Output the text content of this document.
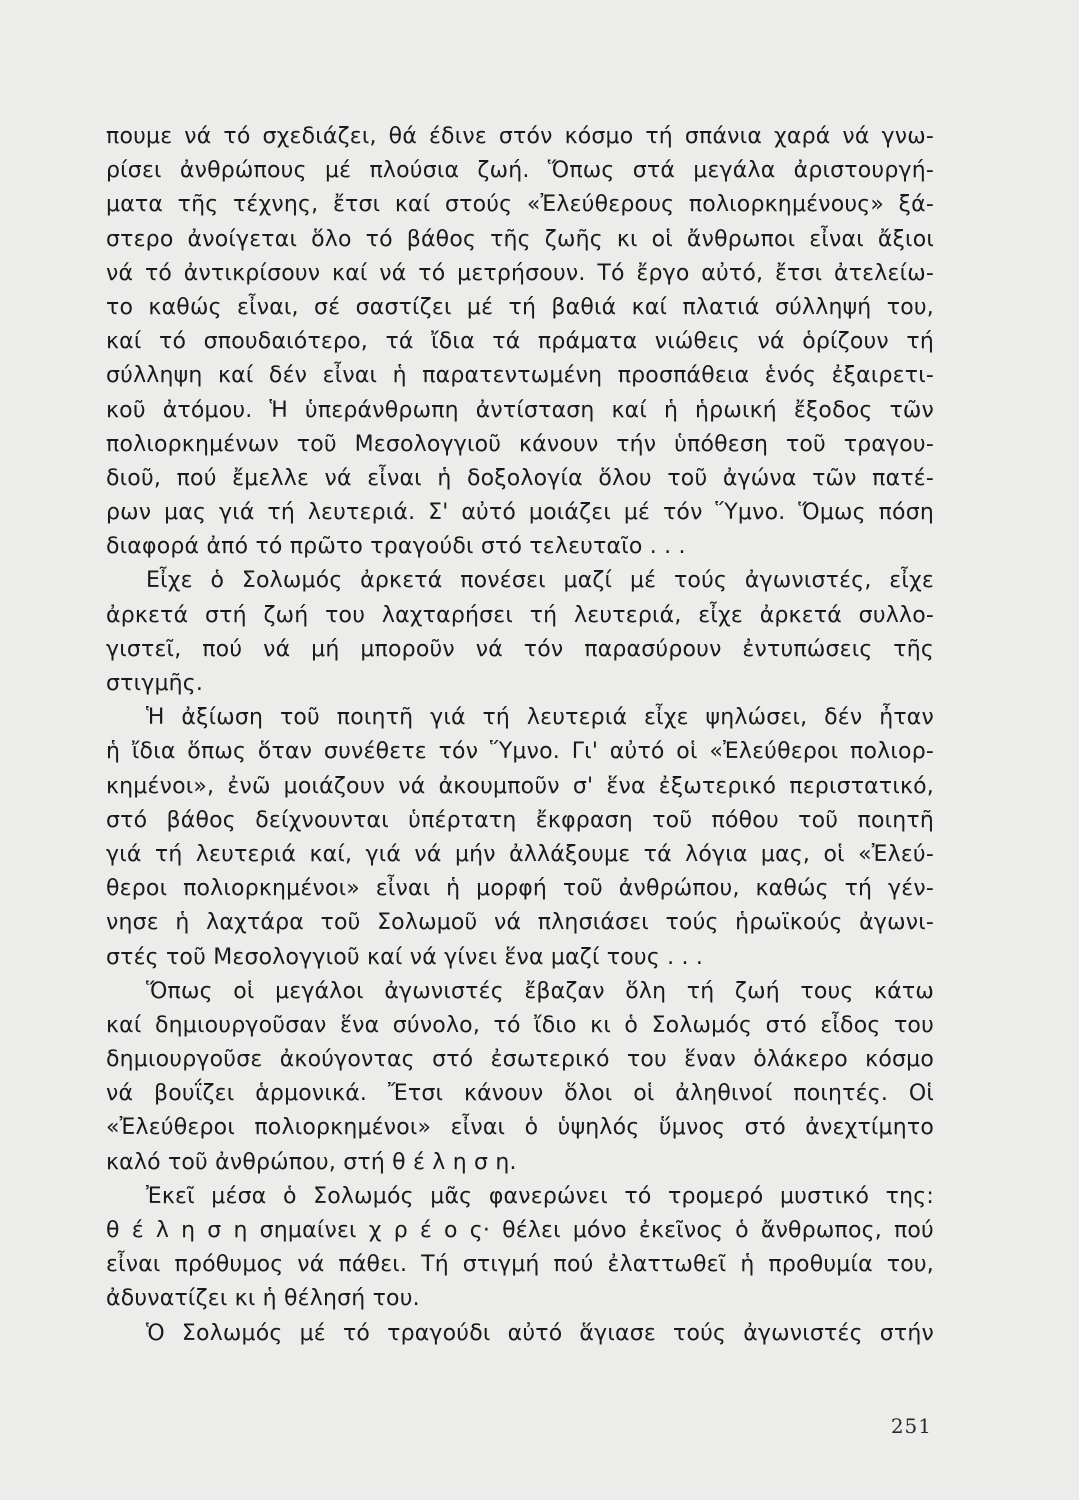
πουμε νά τό σχεδιάζει, θά έδινε στόν κόσμο τή σπάνια χαρά νά γνω-
ρίσει ἀνθρώπους μέ πλούσια ζωή. Ὅπως στά μεγάλα ἀριστουργή-
ματα τῆς τέχνης, ἔτσι καί στούς «Ἐλεύθερους πολιορκημένους» ξά-
στερο ἀνοίγεται ὅλο τό βάθος τῆς ζωῆς κι οἱ ἄνθρωποι εἶναι ἄξιοι
νά τό ἀντικρίσουν καί νά τό μετρήσουν. Τό ἔργο αὐτό, ἔτσι ἀτελείω-
το καθώς εἶναι, σέ σαστίζει μέ τή βαθιά καί πλατιά σύλληψή του,
καί τό σπουδαιότερο, τά ἴδια τά πράματα νιώθεις νά ὁρίζουν τή
σύλληψη καί δέν εἶναι ἡ παρατεντωμένη προσπάθεια ἑνός ἐξαιρετι-
κοῦ ἀτόμου. Ἡ ὑπεράνθρωπη ἀντίσταση καί ἡ ἡρωική ἔξοδος τῶν
πολιορκημένων τοῦ Μεσολογγιοῦ κάνουν τήν ὑπόθεση τοῦ τραγου-
διοῦ, πού ἔμελλε νά εἶναι ἡ δοξολογία ὅλου τοῦ ἀγώνα τῶν πατέ-
ρων μας γιά τή λευτεριά. Σ' αὐτό μοιάζει μέ τόν Ὕμνο. Ὅμως πόση
διαφορά ἀπό τό πρῶτο τραγούδι στό τελευταῖο . . .
Εἶχε ὁ Σολωμός ἀρκετά πονέσει μαζί μέ τούς ἀγωνιστές, εἶχε
ἀρκετά στή ζωή του λαχταρήσει τή λευτεριά, εἶχε ἀρκετά συλλο-
γιστεῖ, πού νά μή μποροῦν νά τόν παρασύρουν ἐντυπώσεις τῆς
στιγμῆς.
Ἡ ἀξίωση τοῦ ποιητῆ γιά τή λευτεριά εἶχε ψηλώσει, δέν ἦταν
ἡ ἴδια ὅπως ὅταν συνέθετε τόν Ὕμνο. Γι' αὐτό οἱ «Ἐλεύθεροι πολιορ-
κημένοι», ἐνῶ μοιάζουν νά ἀκουμποῦν σ' ἕνα ἐξωτερικό περιστατικό,
στό βάθος δείχνουνται ὑπέρτατη ἔκφραση τοῦ πόθου τοῦ ποιητῆ
γιά τή λευτεριά καί, γιά νά μήν ἀλλάξουμε τά λόγια μας, οἱ «Ἐλεύ-
θεροι πολιορκημένοι» εἶναι ἡ μορφή τοῦ ἀνθρώπου, καθώς τή γέν-
νησε ἡ λαχτάρα τοῦ Σολωμοῦ νά πλησιάσει τούς ἡρωϊκούς ἀγωνι-
στές τοῦ Μεσολογγιοῦ καί νά γίνει ἕνα μαζί τους . . .
Ὅπως οἱ μεγάλοι ἀγωνιστές ἔβαζαν ὅλη τή ζωή τους κάτω
καί δημιουργοῦσαν ἕνα σύνολο, τό ἴδιο κι ὁ Σολωμός στό εἶδος του
δημιουργοῦσε ἀκούγοντας στό ἐσωτερικό του ἕναν ὁλάκερο κόσμο
νά βουΐζει ἁρμονικά. Ἔτσι κάνουν ὅλοι οἱ ἀληθινοί ποιητές. Οἱ
«Ἐλεύθεροι πολιορκημένοι» εἶναι ὁ ὑψηλός ὕμνος στό ἀνεχτίμητο
καλό τοῦ ἀνθρώπου, στή θ έ λ η σ η.
Ἐκεῖ μέσα ὁ Σολωμός μᾶς φανερώνει τό τρομερό μυστικό της:
θ έ λ η σ η σημαίνει χ ρ έ ο ς· θέλει μόνο ἐκεῖνος ὁ ἄνθρωπος, πού
εἶναι πρόθυμος νά πάθει. Τή στιγμή πού ἐλαττωθεῖ ἡ προθυμία του,
ἀδυνατίζει κι ἡ θέλησή του.
Ὁ Σολωμός μέ τό τραγούδι αὐτό ἅγιασε τούς ἀγωνιστές στήν
251
